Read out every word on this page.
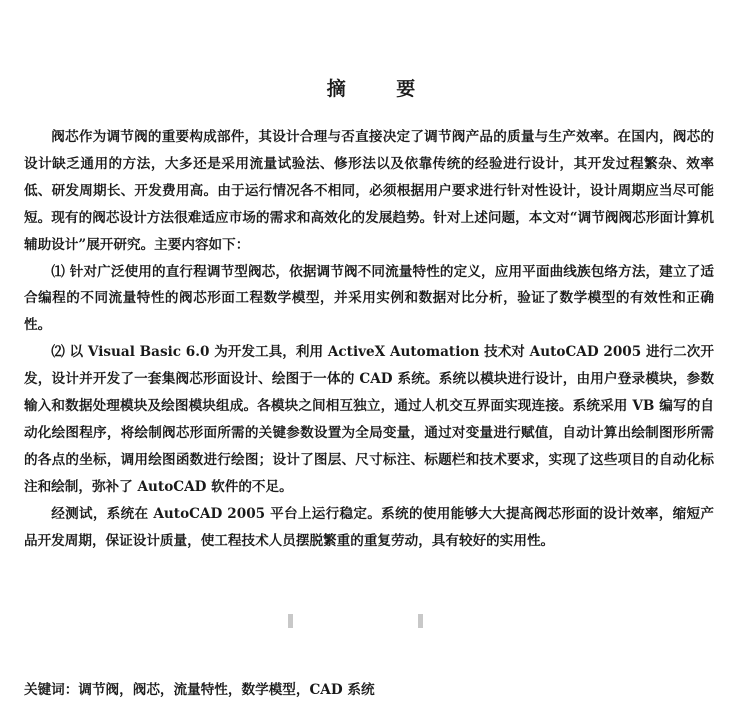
摘 要

阀芯作为调节阀的重要构成部件，其设计合理与否直接决定了调节阀产品的质量与生产效率。在国内，阀芯的设计缺乏通用的方法，大多还是采用流量试验法、修形法以及依靠传统的经验进行设计，其开发过程繁杂、效率低、研发周期长、开发费用高。由于运行情况各不相同，必须根据用户要求进行针对性设计，设计周期应当尽可能短。现有的阀芯设计方法很难适应市场的需求和高效化的发展趋势。针对上述问题，本文对“调节阀阀芯形面计算机辅助设计”展开研究。主要内容如下：

⑴ 针对广泛使用的直行程调节型阀芯，依据调节阀不同流量特性的定义，应用平面曲线族包络方法，建立了适合编程的不同流量特性的阀芯形面工程数学模型，并采用实例和数据对比分析，验证了数学模型的有效性和正确性。

⑵ 以 Visual Basic 6.0 为开发工具，利用 ActiveX Automation 技术对 AutoCAD 2005 进行二次开发，设计并开发了一套集阀芯形面设计、绘图于一体的 CAD 系统。系统以模块进行设计，由用户登录模块，参数输入和数据处理模块及绘图模块组成。各模块之间相互独立，通过人机交互界面实现连接。系统采用 VB 编写的自动化绘图程序，将绘制阀芯形面所需的关键参数设置为全局变量，通过对变量进行赋值，自动计算出绘制图形所需的各点的坐标，调用绘图函数进行绘图；设计了图层、尺寸标注、标题栏和技术要求，实现了这些项目的自动化标注和绘制，弥补了 AutoCAD 软件的不足。

经测试，系统在 AutoCAD 2005 平台上运行稳定。系统的使用能够大大提高阀芯形面的设计效率，缩短产品开发周期，保证设计质量，使工程技术人员摆脱繁重的重复劳动，具有较好的实用性。

关键词：调节阀，阀芯，流量特性，数学模型，CAD 系统
